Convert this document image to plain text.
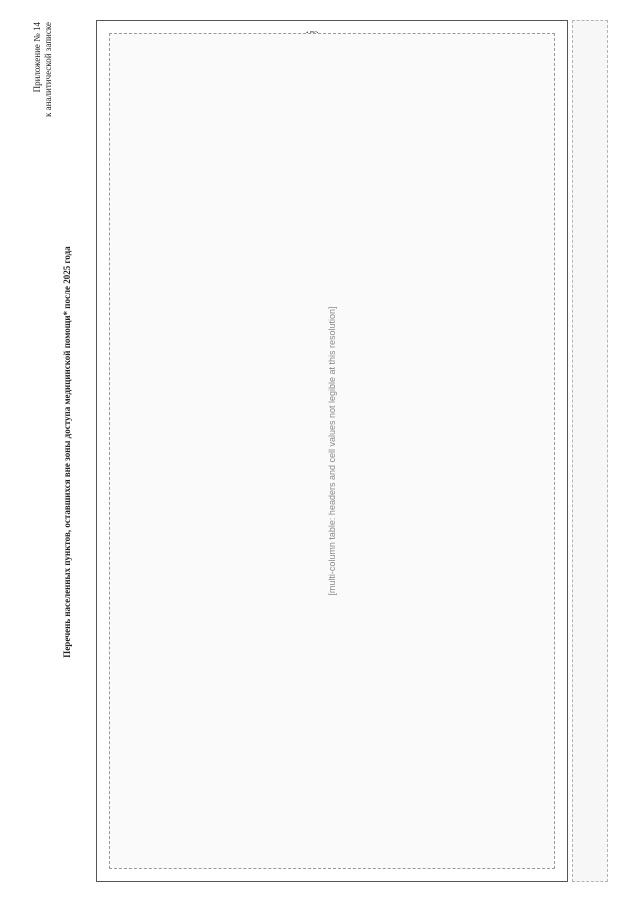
Приложение № 14 к аналитической записке
Перечень населенных пунктов, оставшихся вне зоны доступа медицинской помощи* после 2025 года	[multi-column table: headers and cell values not legible at this resolution]
